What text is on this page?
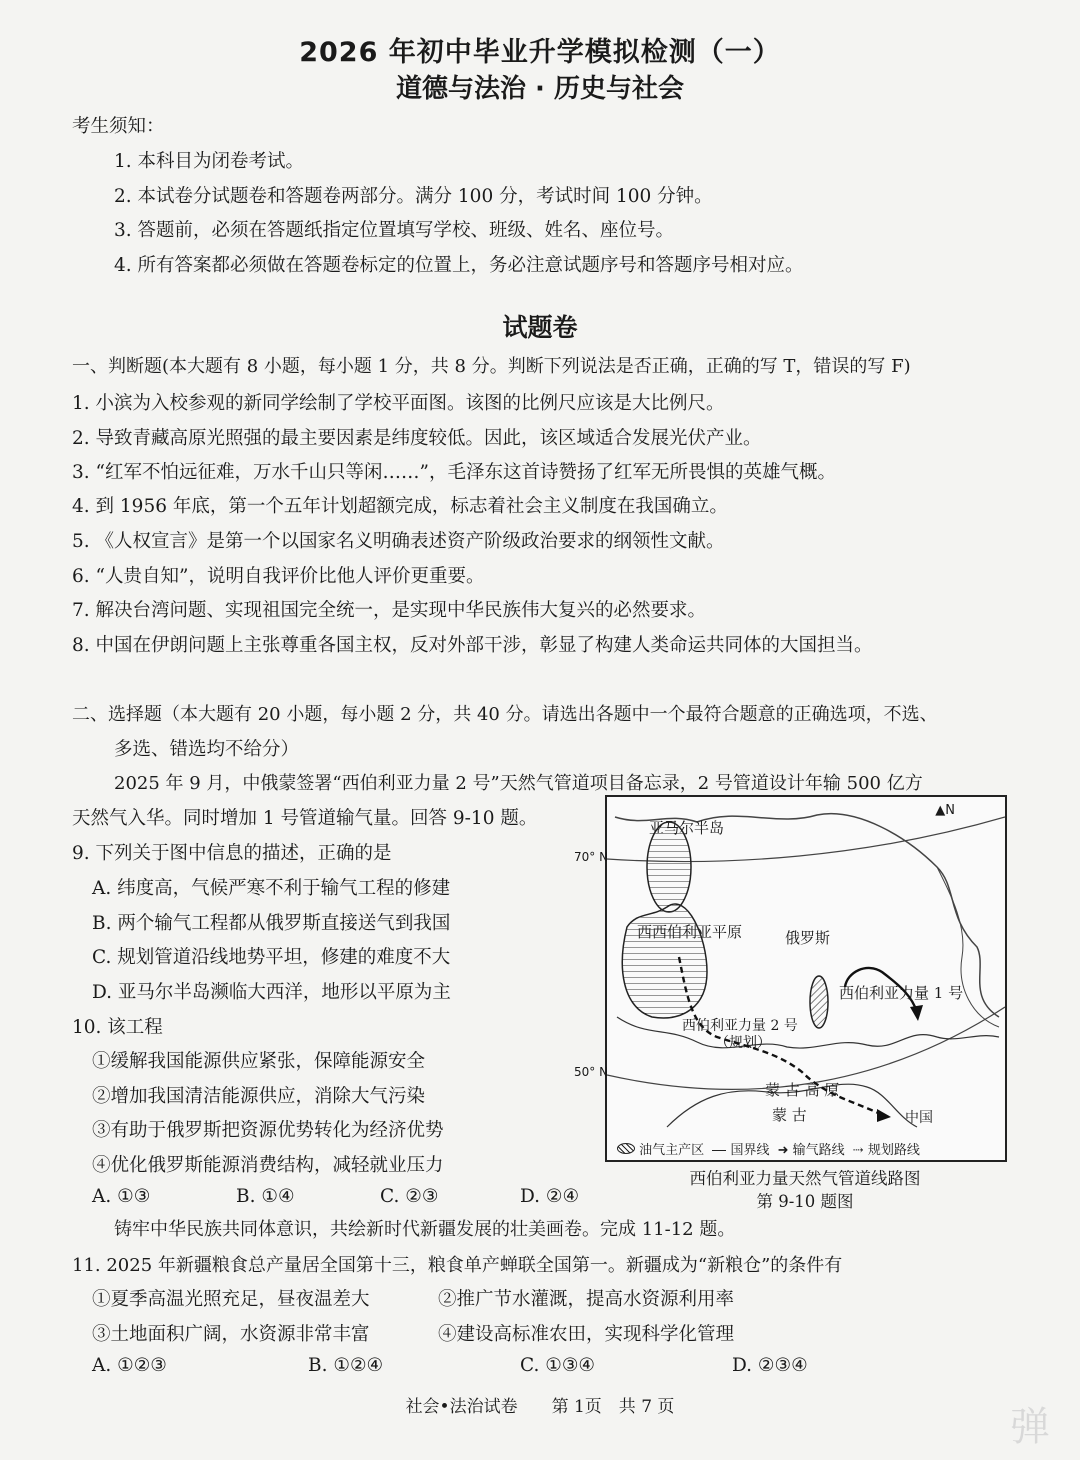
2026 年初中毕业升学模拟检测（一）
道德与法治 · 历史与社会
考生须知：
1. 本科目为闭卷考试。
2. 本试卷分试题卷和答题卷两部分。满分 100 分，考试时间 100 分钟。
3. 答题前，必须在答题纸指定位置填写学校、班级、姓名、座位号。
4. 所有答案都必须做在答题卷标定的位置上，务必注意试题序号和答题序号相对应。
试题卷
一、判断题(本大题有 8 小题，每小题 1 分，共 8 分。判断下列说法是否正确，正确的写 T，错误的写 F)
1. 小滨为入校参观的新同学绘制了学校平面图。该图的比例尺应该是大比例尺。
2. 导致青藏高原光照强的最主要因素是纬度较低。因此，该区域适合发展光伏产业。
3. “红军不怕远征难，万水千山只等闲……”，毛泽东这首诗赞扬了红军无所畏惧的英雄气概。
4. 到 1956 年底，第一个五年计划超额完成，标志着社会主义制度在我国确立。
5. 《人权宣言》是第一个以国家名义明确表述资产阶级政治要求的纲领性文献。
6. “人贵自知”，说明自我评价比他人评价更重要。
7. 解决台湾问题、实现祖国完全统一，是实现中华民族伟大复兴的必然要求。
8. 中国在伊朗问题上主张尊重各国主权，反对外部干涉，彰显了构建人类命运共同体的大国担当。
二、选择题（本大题有 20 小题，每小题 2 分，共 40 分。请选出各题中一个最符合题意的正确选项，不选、
多选、错选均不给分）
2025 年 9 月，中俄蒙签署“西伯利亚力量 2 号”天然气管道项目备忘录，2 号管道设计年输 500 亿方
天然气入华。同时增加 1 号管道输气量。回答 9-10 题。
9. 下列关于图中信息的描述，正确的是
A. 纬度高，气候严寒不利于输气工程的修建
B. 两个输气工程都从俄罗斯直接送气到我国
C. 规划管道沿线地势平坦，修建的难度不大
D. 亚马尔半岛濒临大西洋，地形以平原为主
10. 该工程
①缓解我国能源供应紧张，保障能源安全
②增加我国清洁能源供应，消除大气污染
③有助于俄罗斯把资源优势转化为经济优势
④优化俄罗斯能源消费结构，减轻就业压力
A. ①③	B. ①④	C. ②③	D. ②④
▲N
亚马尔半岛
西西伯利亚平原	俄罗斯
西伯利亚力量 1 号
西伯利亚力量 2 号
（规划）
蒙 古 高 原
蒙 古	中国
油气主产区 国界线 ➜ 输气路线 ⇢ 规划路线
70° N
50° N
西伯利亚力量天然气管道线路图
第 9-10 题图
铸牢中华民族共同体意识，共绘新时代新疆发展的壮美画卷。完成 11-12 题。
11. 2025 年新疆粮食总产量居全国第十三，粮食单产蝉联全国第一。新疆成为“新粮仓”的条件有
①夏季高温光照充足，昼夜温差大	②推广节水灌溉，提高水资源利用率
③土地面积广阔，水资源非常丰富	④建设高标准农田，实现科学化管理
A. ①②③	B. ①②④	C. ①③④	D. ②③④
社会•法治试卷　　第 1页　共 7 页	弹
